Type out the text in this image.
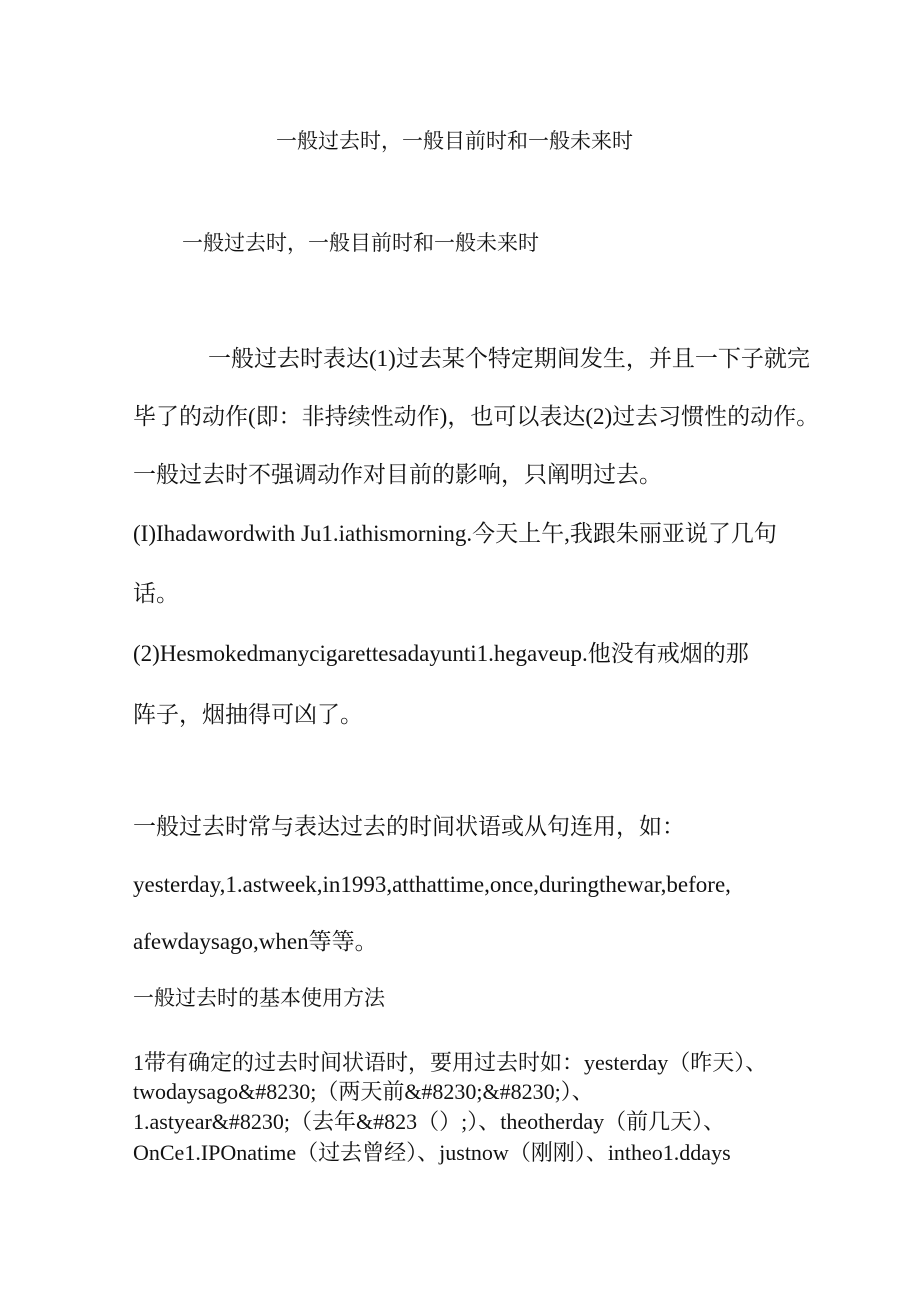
一般过去时，一般目前时和一般未来时

一般过去时，一般目前时和一般未来时

一般过去时表达(1)过去某个特定期间发生，并且一下子就完

毕了的动作(即：非持续性动作)，也可以表达(2)过去习惯性的动作。

一般过去时不强调动作对目前的影响，只阐明过去。

(I)Ihadawordwith Ju1.iathismorning.今天上午,我跟朱丽亚说了几句

话。

(2)Hesmokedmanycigarettesadayunti1.hegaveup.他没有戒烟的那

阵子，烟抽得可凶了。

一般过去时常与表达过去的时间状语或从句连用，如：

yesterday,1.astweek,in1993,atthattime,once,duringthewar,before,

afewdaysago,when等等。

一般过去时的基本使用方法

1带有确定的过去时间状语时，要用过去时如：yesterday（昨天）、

twodaysago&#8230;（两天前&#8230;&#8230;）、

1.astyear&#8230;（去年&#823（）;）、theotherday（前几天）、

OnCe1.IPOnatime（过去曾经）、justnow（刚刚）、intheo1.ddays
